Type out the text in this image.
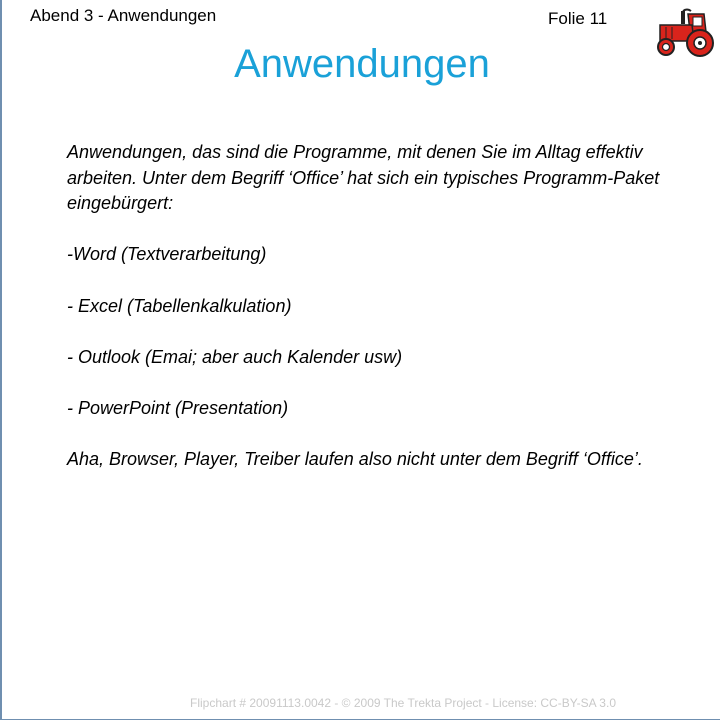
Abend 3 - Anwendungen	Folie 11
Anwendungen

Anwendungen, das sind die Programme, mit denen Sie im Alltag effektiv arbeiten. Unter dem Begriff ‘Office’ hat sich ein typisches Programm-Paket eingebürgert:

-Word (Textverarbeitung)

- Excel (Tabellenkalkulation)

- Outlook (Emai; aber auch Kalender usw)

- PowerPoint (Presentation)

Aha, Browser, Player, Treiber laufen also nicht unter dem Begriff ‘Office’.

Flipchart # 20091113.0042 - © 2009 The Trekta Project - License: CC-BY-SA 3.0
